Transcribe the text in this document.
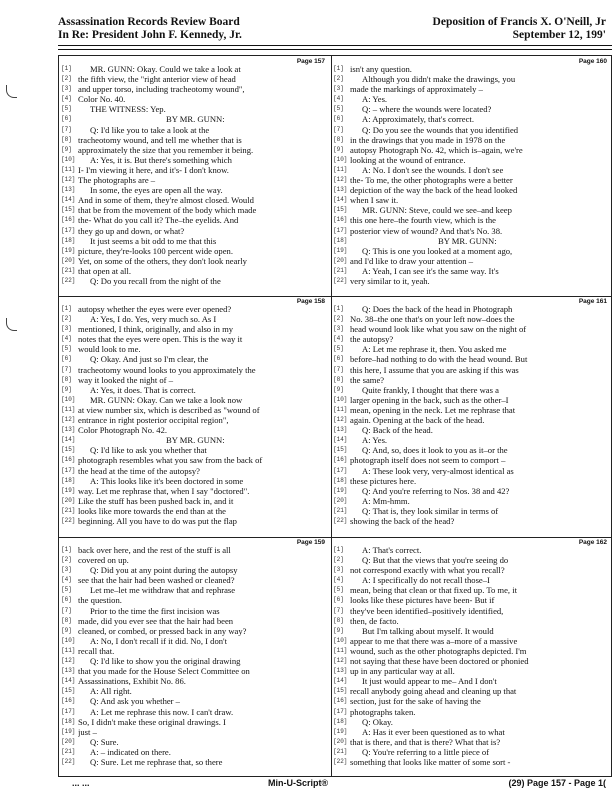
Assassination Records Review Board
In Re: President John F. Kennedy, Jr.
Deposition of Francis X. O'Neill, Jr
September 12, 199'
Page 157
[1]	MR. GUNN: Okay. Could we take a look at
[2] the fifth view, the "right anterior view of head
[3] and upper torso, including tracheotomy wound",
[4] Color No. 40.
[5]	THE WITNESS: Yep.
[6]	BY MR. GUNN:
[7]	Q: I'd like you to take a look at the
[8] tracheotomy wound, and tell me whether that is
[9] approximately the size that you remember it being.
[10]	A: Yes, it is. But there's something which
[11] I- I'm viewing it here, and it's- I don't know.
[12] The photographs are –
[13]	In some, the eyes are open all the way.
[14] And in some of them, they're almost closed. Would
[15] that be from the movement of the body which made
[16] the- What do you call it? The–the eyelids. And
[17] they go up and down, or what?
[18]	It just seems a bit odd to me that this
[19] picture, they're-looks 100 percent wide open.
[20] Yet, on some of the others, they don't look nearly
[21] that open at all.
[22]	Q: Do you recall from the night of the
Page 160
[1] isn't any question.
[2]	Although you didn't make the drawings, you
[3] made the markings of approximately –
[4]	A: Yes.
[5]	Q: – where the wounds were located?
[6]	A: Approximately, that's correct.
[7]	Q: Do you see the wounds that you identified
[8] in the drawings that you made in 1978 on the
[9] autopsy Photograph No. 42, which is–again, we're
[10] looking at the wound of entrance.
[11]	A: No. I don't see the wounds. I don't see
[12] the- To me, the other photographs were a better
[13] depiction of the way the back of the head looked
[14] when I saw it.
[15]	MR. GUNN: Steve, could we see–and keep
[16] this one here–the fourth view, which is the
[17] posterior view of wound? And that's No. 38.
[18]	BY MR. GUNN:
[19]	Q: This is one you looked at a moment ago,
[20] and I'd like to draw your attention –
[21]	A: Yeah, I can see it's the same way. It's
[22] very similar to it, yeah.
Page 158
[1] autopsy whether the eyes were ever opened?
[2]	A: Yes, I do. Yes, very much so. As I
[3] mentioned, I think, originally, and also in my
[4] notes that the eyes were open. This is the way it
[5] would look to me.
[6]	Q: Okay. And just so I'm clear, the
[7] tracheotomy wound looks to you approximately the
[8] way it looked the night of –
[9]	A: Yes, it does. That is correct.
[10]	MR. GUNN: Okay. Can we take a look now
[11] at view number six, which is described as "wound of
[12] entrance in right posterior occipital region",
[13] Color Photograph No. 42.
[14]	BY MR. GUNN:
[15]	Q: I'd like to ask you whether that
[16] photograph resembles what you saw from the back of
[17] the head at the time of the autopsy?
[18]	A: This looks like it's been doctored in some
[19] way. Let me rephrase that, when I say "doctored".
[20] Like the stuff has been pushed back in, and it
[21] looks like more towards the end than at the
[22] beginning. All you have to do was put the flap
Page 161
[1]	Q: Does the back of the head in Photograph
[2] No. 38–the one that's on your left now–does the
[3] head wound look like what you saw on the night of
[4] the autopsy?
[5]	A: Let me rephrase it, then. You asked me
[6] before–had nothing to do with the head wound. But
[7] this here, I assume that you are asking if this was
[8] the same?
[9]	Quite frankly, I thought that there was a
[10] larger opening in the back, such as the other–I
[11] mean, opening in the neck. Let me rephrase that
[12] again. Opening at the back of the head.
[13]	Q: Back of the head.
[14]	A: Yes.
[15]	Q: And, so, does it look to you as it–or the
[16] photograph itself does not seem to comport –
[17]	A: These look very, very-almost identical as
[18] these pictures here.
[19]	Q: And you're referring to Nos. 38 and 42?
[20]	A: Mm-hmm.
[21]	Q: That is, they look similar in terms of
[22] showing the back of the head?
Page 159
[1] back over here, and the rest of the stuff is all
[2] covered on up.
[3]	Q: Did you at any point during the autopsy
[4] see that the hair had been washed or cleaned?
[5]	Let me–let me withdraw that and rephrase
[6] the question.
[7]	Prior to the time the first incision was
[8] made, did you ever see that the hair had been
[9] cleaned, or combed, or pressed back in any way?
[10]	A: No, I don't recall if it did. No, I don't
[11] recall that.
[12]	Q: I'd like to show you the original drawing
[13] that you made for the House Select Committee on
[14] Assassinations, Exhibit No. 86.
[15]	A: All right.
[16]	Q: And ask you whether –
[17]	A: Let me rephrase this now. I can't draw.
[18] So, I didn't make these original drawings. I
[19] just –
[20]	Q: Sure.
[21]	A: – indicated on there.
[22]	Q: Sure. Let me rephrase that, so there
Page 162
[1]	A: That's correct.
[2]	Q: But that the views that you're seeing do
[3] not correspond exactly with what you recall?
[4]	A: I specifically do not recall those–I
[5] mean, being that clean or that fixed up. To me, it
[6] looks like these pictures have been- But if
[7] they've been identified–positively identified,
[8] then, de facto.
[9]	But I'm talking about myself. It would
[10] appear to me that there was a–more of a massive
[11] wound, such as the other photographs depicted. I'm
[12] not saying that these have been doctored or phonied
[13] up in any particular way at all.
[14]	It just would appear to me– And I don't
[15] recall anybody going ahead and cleaning up that
[16] section, just for the sake of having the
[17] photographs taken.
[18]	Q: Okay.
[19]	A: Has it ever been questioned as to what
[20] that is there, and that is there? What that is?
[21]	Q: You're referring to a little piece of
[22] something that looks like matter of some sort -
... ...	Min-U-Script®	(29) Page 157 - Page 1(
